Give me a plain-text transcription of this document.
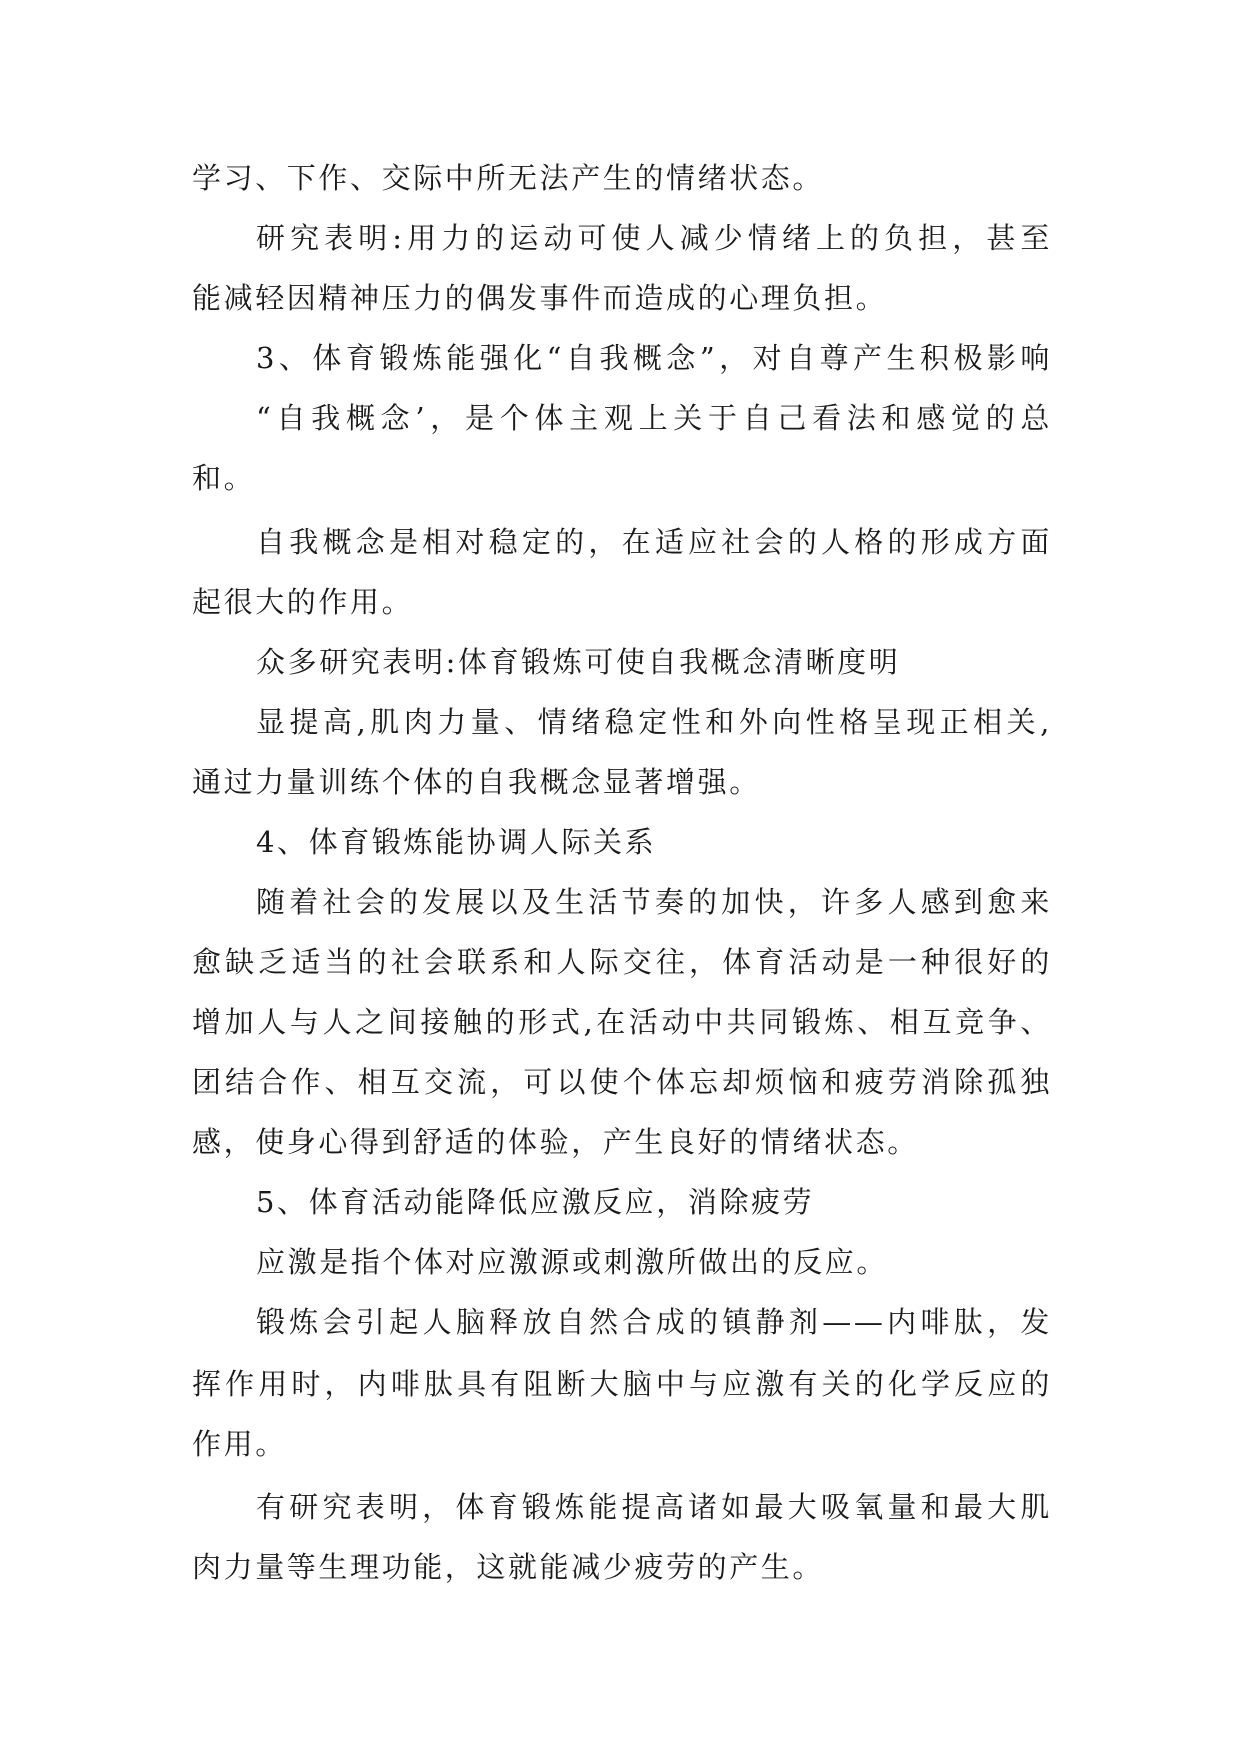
学习、下作、交际中所无法产生的情绪状态。
研究表明:用力的运动可使人减少情绪上的负担，甚至
能减轻因精神压力的偶发事件而造成的心理负担。
3、体育锻炼能强化“自我概念”，对自尊产生积极影响
“自我概念’，是个体主观上关于自己看法和感觉的总
和。
自我概念是相对稳定的，在适应社会的人格的形成方面
起很大的作用。
众多研究表明:体育锻炼可使自我概念清晰度明
显提高,肌肉力量、情绪稳定性和外向性格呈现正相关,
通过力量训练个体的自我概念显著增强。
4、体育锻炼能协调人际关系
随着社会的发展以及生活节奏的加快，许多人感到愈来
愈缺乏适当的社会联系和人际交往，体育活动是一种很好的
增加人与人之间接触的形式,在活动中共同锻炼、相互竞争、
团结合作、相互交流，可以使个体忘却烦恼和疲劳消除孤独
感，使身心得到舒适的体验，产生良好的情绪状态。
5、体育活动能降低应激反应，消除疲劳
应激是指个体对应激源或刺激所做出的反应。
锻炼会引起人脑释放自然合成的镇静剂——内啡肽，发
挥作用时，内啡肽具有阻断大脑中与应激有关的化学反应的
作用。
有研究表明，体育锻炼能提高诸如最大吸氧量和最大肌
肉力量等生理功能，这就能减少疲劳的产生。
